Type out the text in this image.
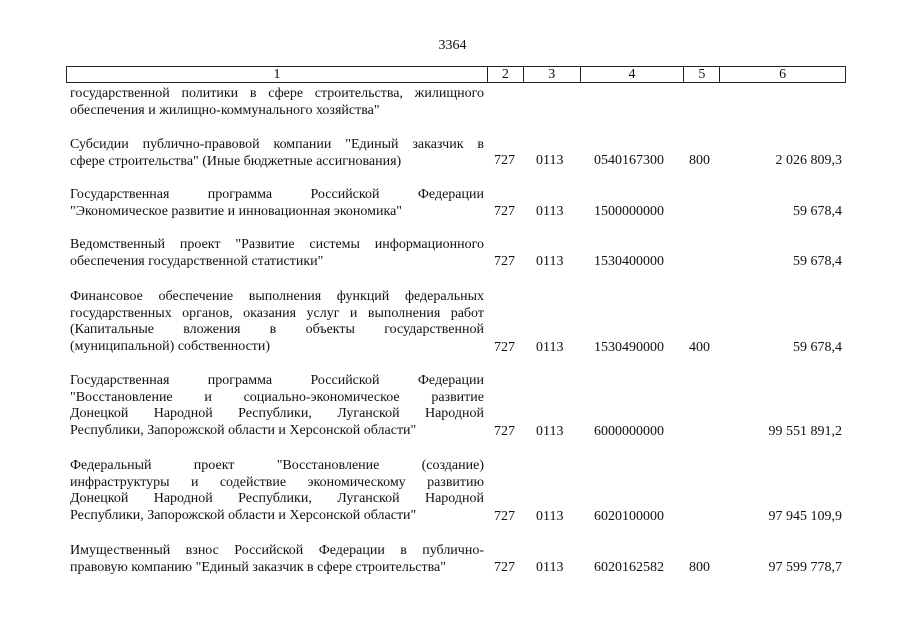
3364
1	2	3	4	5	6
государственной политики в сфере строительства, жилищного
обеспечения и жилищно-коммунального хозяйства"
Субсидии публично-правовой компании "Единый заказчик в
сфере строительства" (Иные бюджетные ассигнования)	727 0113 0540167300 800	2 026 809,3
Государственная программа Российской Федерации
"Экономическое развитие и инновационная экономика"	727 0113 1500000000	59 678,4
Ведомственный проект "Развитие системы информационного
обеспечения государственной статистики"	727 0113 1530400000	59 678,4
Финансовое обеспечение выполнения функций федеральных
государственных органов, оказания услуг и выполнения работ
(Капитальные вложения в объекты государственной
(муниципальной) собственности)	727 0113 1530490000 400	59 678,4
Государственная программа Российской Федерации
"Восстановление и социально-экономическое развитие
Донецкой Народной Республики, Луганской Народной
Республики, Запорожской области и Херсонской области"	727 0113 6000000000	99 551 891,2
Федеральный проект "Восстановление (создание)
инфраструктуры и содействие экономическому развитию
Донецкой Народной Республики, Луганской Народной
Республики, Запорожской области и Херсонской области"	727 0113 6020100000	97 945 109,9
Имущественный взнос Российской Федерации в публично-
правовую компанию "Единый заказчик в сфере строительства"	727 0113 6020162582 800	97 599 778,7
